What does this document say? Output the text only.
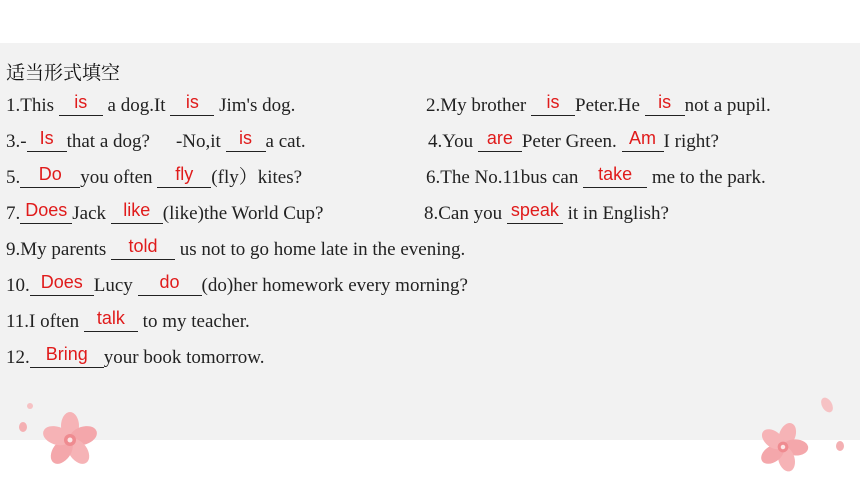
适当形式填空
1.This is a dog.It is Jim's dog.	2.My brother is Peter.He is not a pupil.
3.- Is that a dog? -No,it is a cat.	4.You are Peter Green. Am I right?
5. Do you often fly (fly）kites?	6.The No.11bus can take me to the park.
7. Does Jack like (like)the World Cup?	8.Can you speak it in English?
9.My parents told us not to go home late in the evening.
10. Does Lucy do (do)her homework every morning?
11.I often talk to my teacher.
12. Bring your book tomorrow.
